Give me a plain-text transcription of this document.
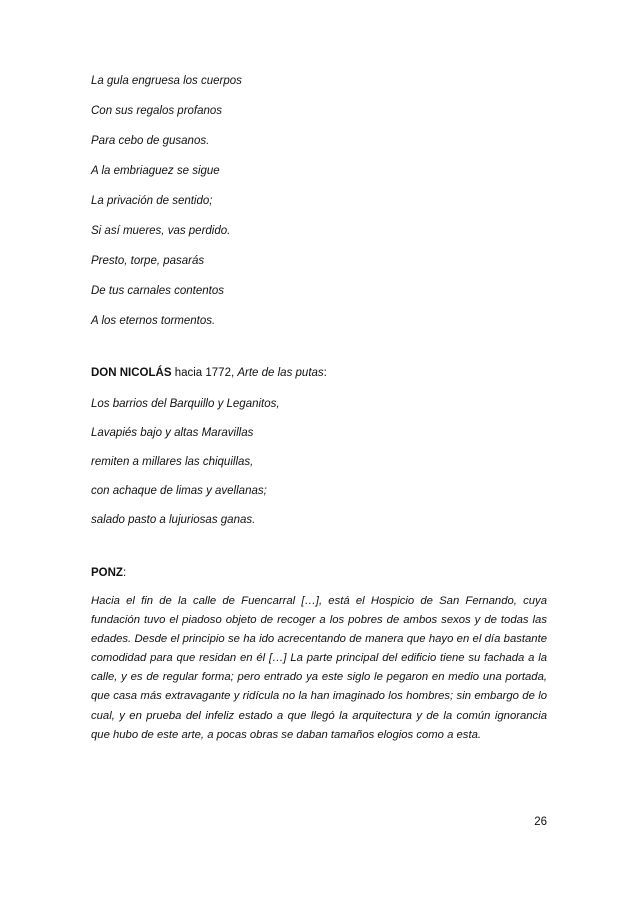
La gula engruesa los cuerpos
Con sus regalos profanos
Para cebo de gusanos.
A la embriaguez se sigue
La privación de sentido;
Si así mueres, vas perdido.
Presto, torpe, pasarás
De tus carnales contentos
A los eternos tormentos.
DON NICOLÁS hacia 1772, Arte de las putas:
Los barrios del Barquillo y Leganitos,
Lavapiés bajo y altas Maravillas
remiten a millares las chiquillas,
con achaque de limas y avellanas;
salado pasto a lujuriosas ganas.
PONZ:
Hacia el fin de la calle de Fuencarral […], está el Hospicio de San Fernando, cuya fundación tuvo el piadoso objeto de recoger a los pobres de ambos sexos y de todas las edades. Desde el principio se ha ido acrecentando de manera que hayo en el día bastante comodidad para que residan en él […] La parte principal del edificio tiene su fachada a la calle, y es de regular forma; pero entrado ya este siglo le pegaron en medio una portada, que casa más extravagante y ridícula no la han imaginado los hombres; sin embargo de lo cual, y en prueba del infeliz estado a que llegó la arquitectura y de la común ignorancia que hubo de este arte, a pocas obras se daban tamaños elogios como a esta.
26
